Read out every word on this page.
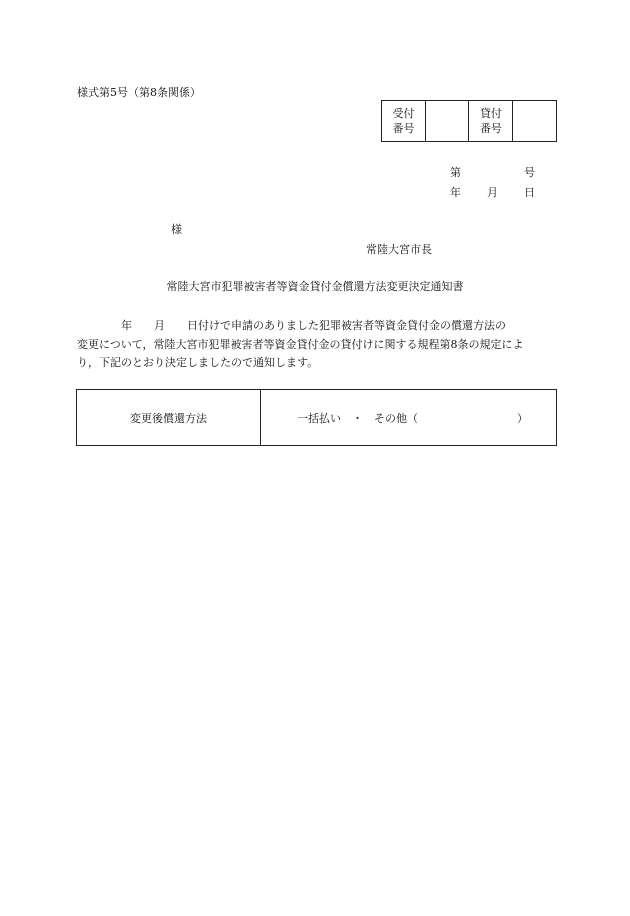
様式第5号（第8条関係）
受付
番号

貸付
番号

第	号
年 月 日
様
常陸大宮市長
常陸大宮市犯罪被害者等資金貸付金償還方法変更決定通知書
　　　　年　　月　　日付けで申請のありました犯罪被害者等資金貸付金の償還方法の
変更について，常陸大宮市犯罪被害者等資金貸付金の貸付けに関する規程第8条の規定によ
り，下記のとおり決定しましたので通知します。
変更後償還方法	一括払い　・　その他（　　　　　　　　　）
